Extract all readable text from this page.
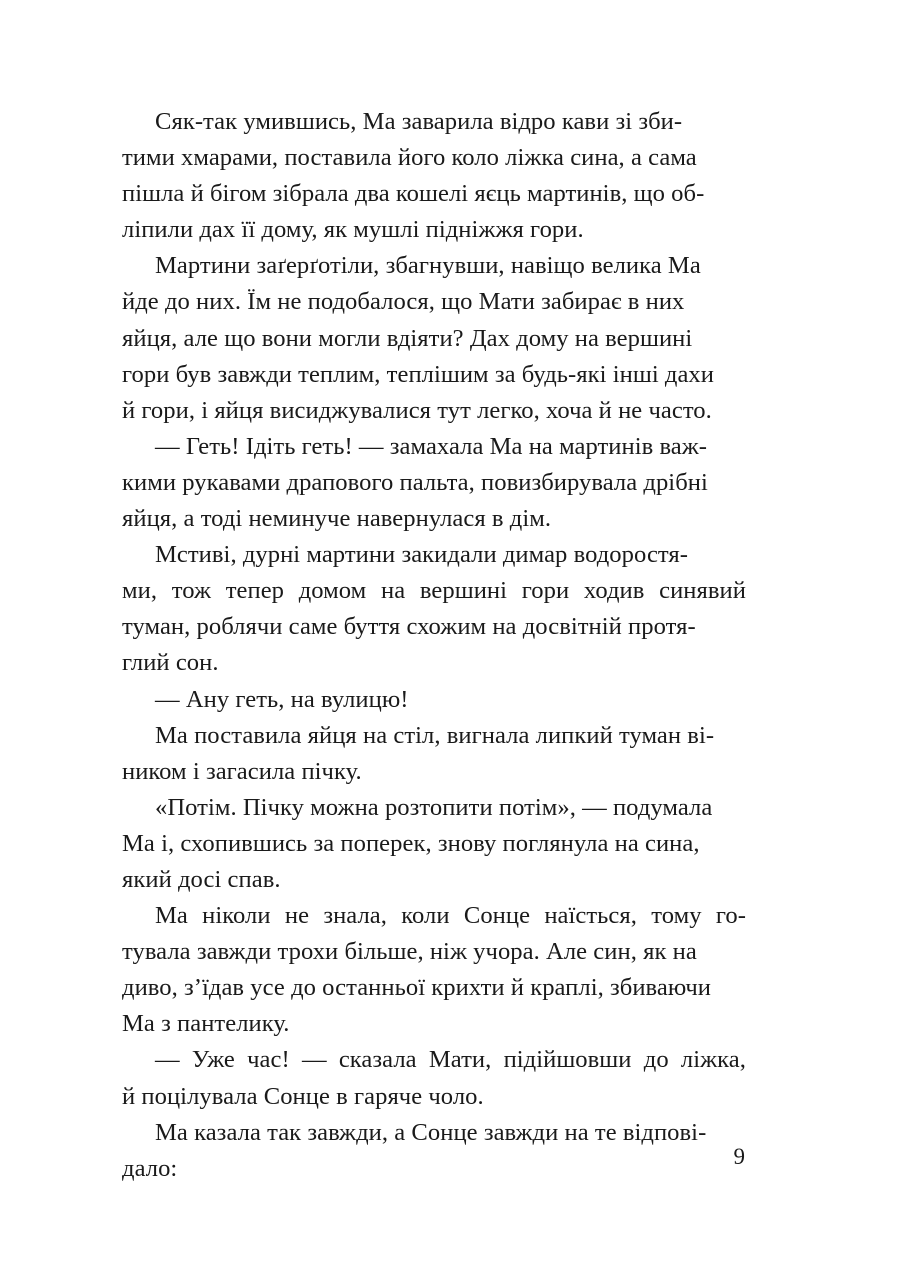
Сяк-так умившись, Ма заварила відро кави зі зби-
тими хмарами, поставила його коло ліжка сина, а сама
пішла й бігом зібрала два кошелі яєць мартинів, що об-
ліпили дах її дому, як мушлі підніжжя гори.

Мартини заґерґотіли, збагнувши, навіщо велика Ма
йде до них. Їм не подобалося, що Мати забирає в них
яйця, але що вони могли вдіяти? Дах дому на вершині
гори був завжди теплим, теплішим за будь-які інші дахи
й гори, і яйця висиджувалися тут легко, хоча й не часто.

— Геть! Ідіть геть! — замахала Ма на мартинів важ-
кими рукавами драпового пальта, повизбирувала дрібні
яйця, а тоді неминуче навернулася в дім.

Мстиві, дурні мартини закидали димар водоростя-
ми, тож тепер домом на вершині гори ходив синявий
туман, роблячи саме буття схожим на досвітній протя-
глий сон.

— Ану геть, на вулицю!

Ма поставила яйця на стіл, вигнала липкий туман ві-
ником і загасила пічку.

«Потім. Пічку можна розтопити потім», — подумала
Ма і, схопившись за поперек, знову поглянула на сина,
який досі спав.

Ма ніколи не знала, коли Сонце наїсться, тому го-
тувала завжди трохи більше, ніж учора. Але син, як на
диво, з’їдав усе до останньої крихти й краплі, збиваючи
Ма з пантелику.

— Уже час! — сказала Мати, підійшовши до ліжка,
й поцілувала Сонце в гаряче чоло.

Ма казала так завжди, а Сонце завжди на те відпові-
дало:	9
